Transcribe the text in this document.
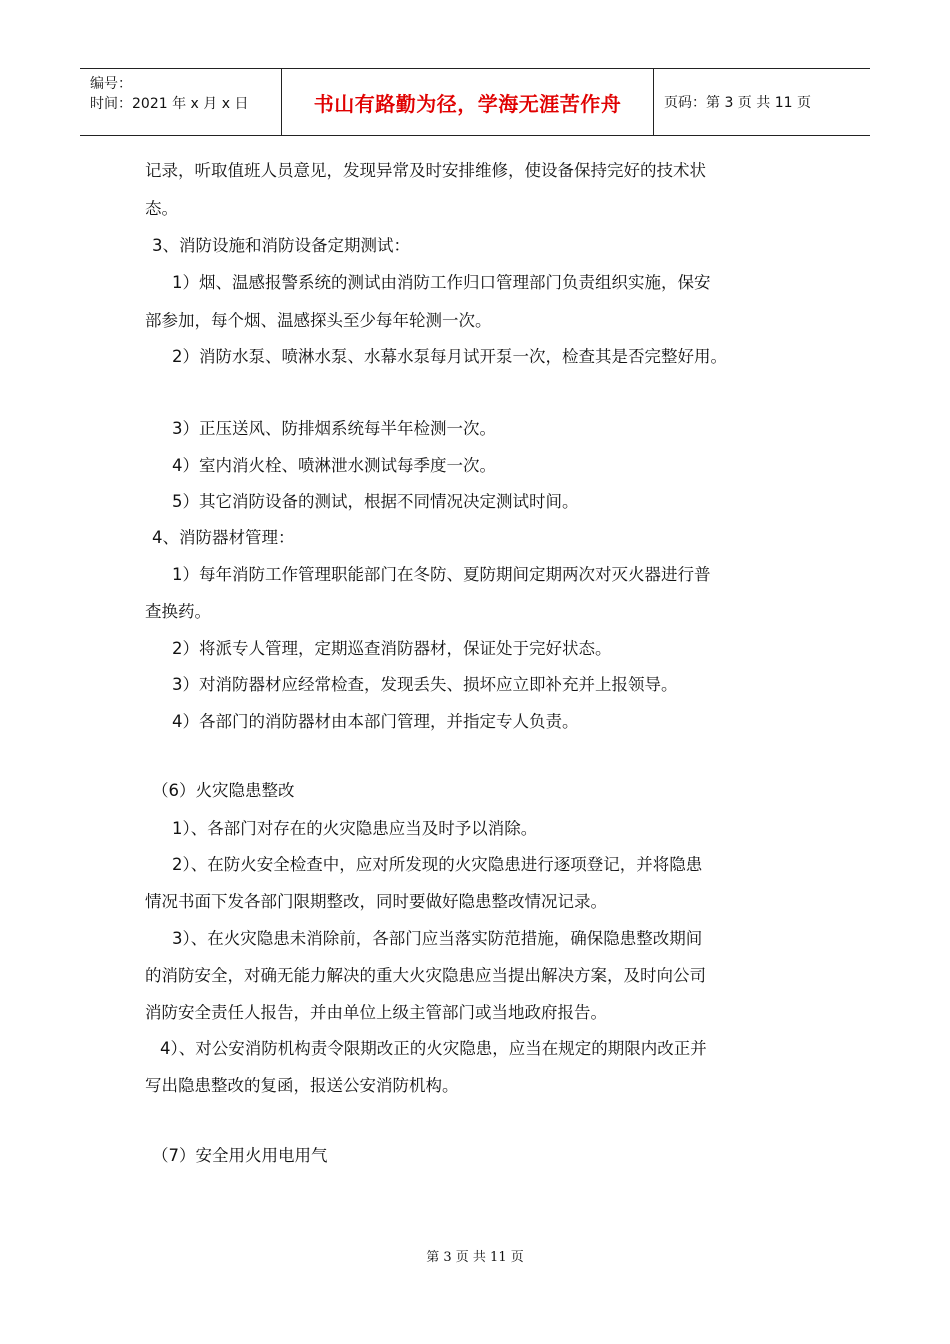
编号：
时间：2021 年 x 月 x 日	书山有路勤为径，学海无涯苦作舟	页码：第 3 页 共 11 页
记录，听取值班人员意见，发现异常及时安排维修，使设备保持完好的技术状
态。
3、消防设施和消防设备定期测试：
1）烟、温感报警系统的测试由消防工作归口管理部门负责组织实施，保安
部参加，每个烟、温感探头至少每年轮测一次。
2）消防水泵、喷淋水泵、水幕水泵每月试开泵一次，检查其是否完整好用。
3）正压送风、防排烟系统每半年检测一次。
4）室内消火栓、喷淋泄水测试每季度一次。
5）其它消防设备的测试，根据不同情况决定测试时间。
4、消防器材管理：
1）每年消防工作管理职能部门在冬防、夏防期间定期两次对灭火器进行普
查换药。
2）将派专人管理，定期巡查消防器材，保证处于完好状态。
3）对消防器材应经常检查，发现丢失、损坏应立即补充并上报领导。
4）各部门的消防器材由本部门管理，并指定专人负责。
（6）火灾隐患整改
1）、各部门对存在的火灾隐患应当及时予以消除。
2）、在防火安全检查中，应对所发现的火灾隐患进行逐项登记，并将隐患
情况书面下发各部门限期整改，同时要做好隐患整改情况记录。
3）、在火灾隐患未消除前，各部门应当落实防范措施，确保隐患整改期间
的消防安全，对确无能力解决的重大火灾隐患应当提出解决方案，及时向公司
消防安全责任人报告，并由单位上级主管部门或当地政府报告。
4）、对公安消防机构责令限期改正的火灾隐患，应当在规定的期限内改正并
写出隐患整改的复函，报送公安消防机构。
（7）安全用火用电用气
第 3 页 共 11 页
